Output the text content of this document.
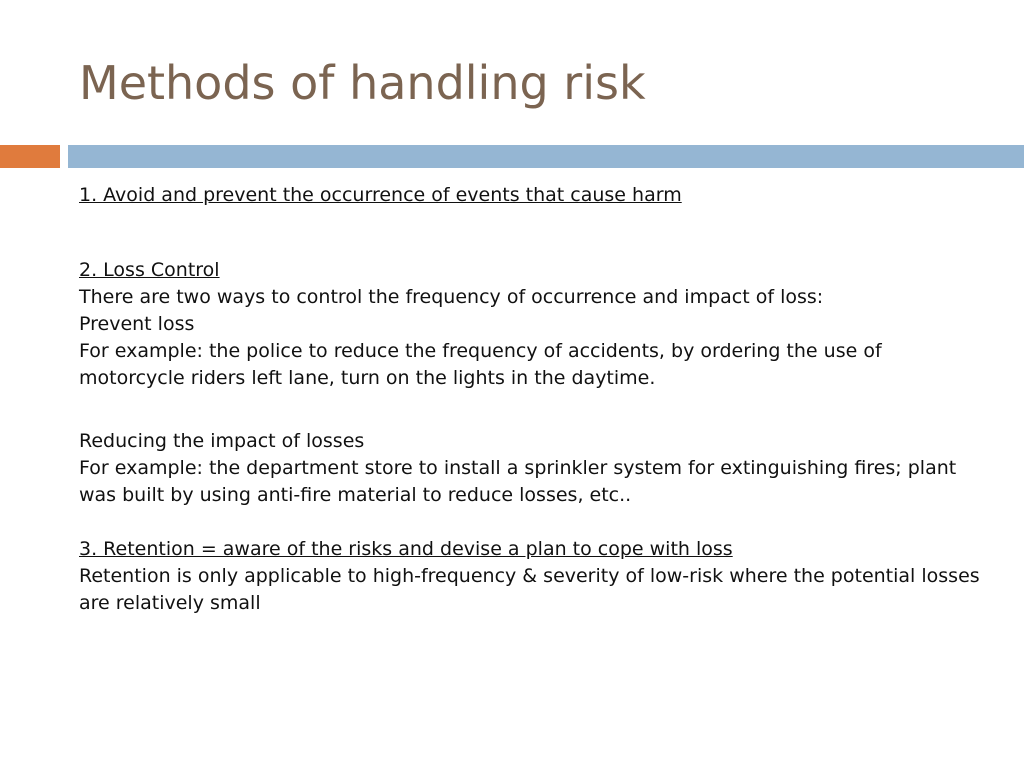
Methods of handling risk

1. Avoid and prevent the occurrence of events that cause harm

2. Loss Control

There are two ways to control the frequency of occurrence and impact of loss:

Prevent loss

For example: the police to reduce the frequency of accidents, by ordering the use of motorcycle riders left lane, turn on the lights in the daytime.

Reducing the impact of losses

For example: the department store to install a sprinkler system for extinguishing fires; plant was built by using anti-fire material to reduce losses, etc..

3. Retention = aware of the risks and devise a plan to cope with loss

Retention is only applicable to high-frequency & severity of low-risk where the potential losses are relatively small
